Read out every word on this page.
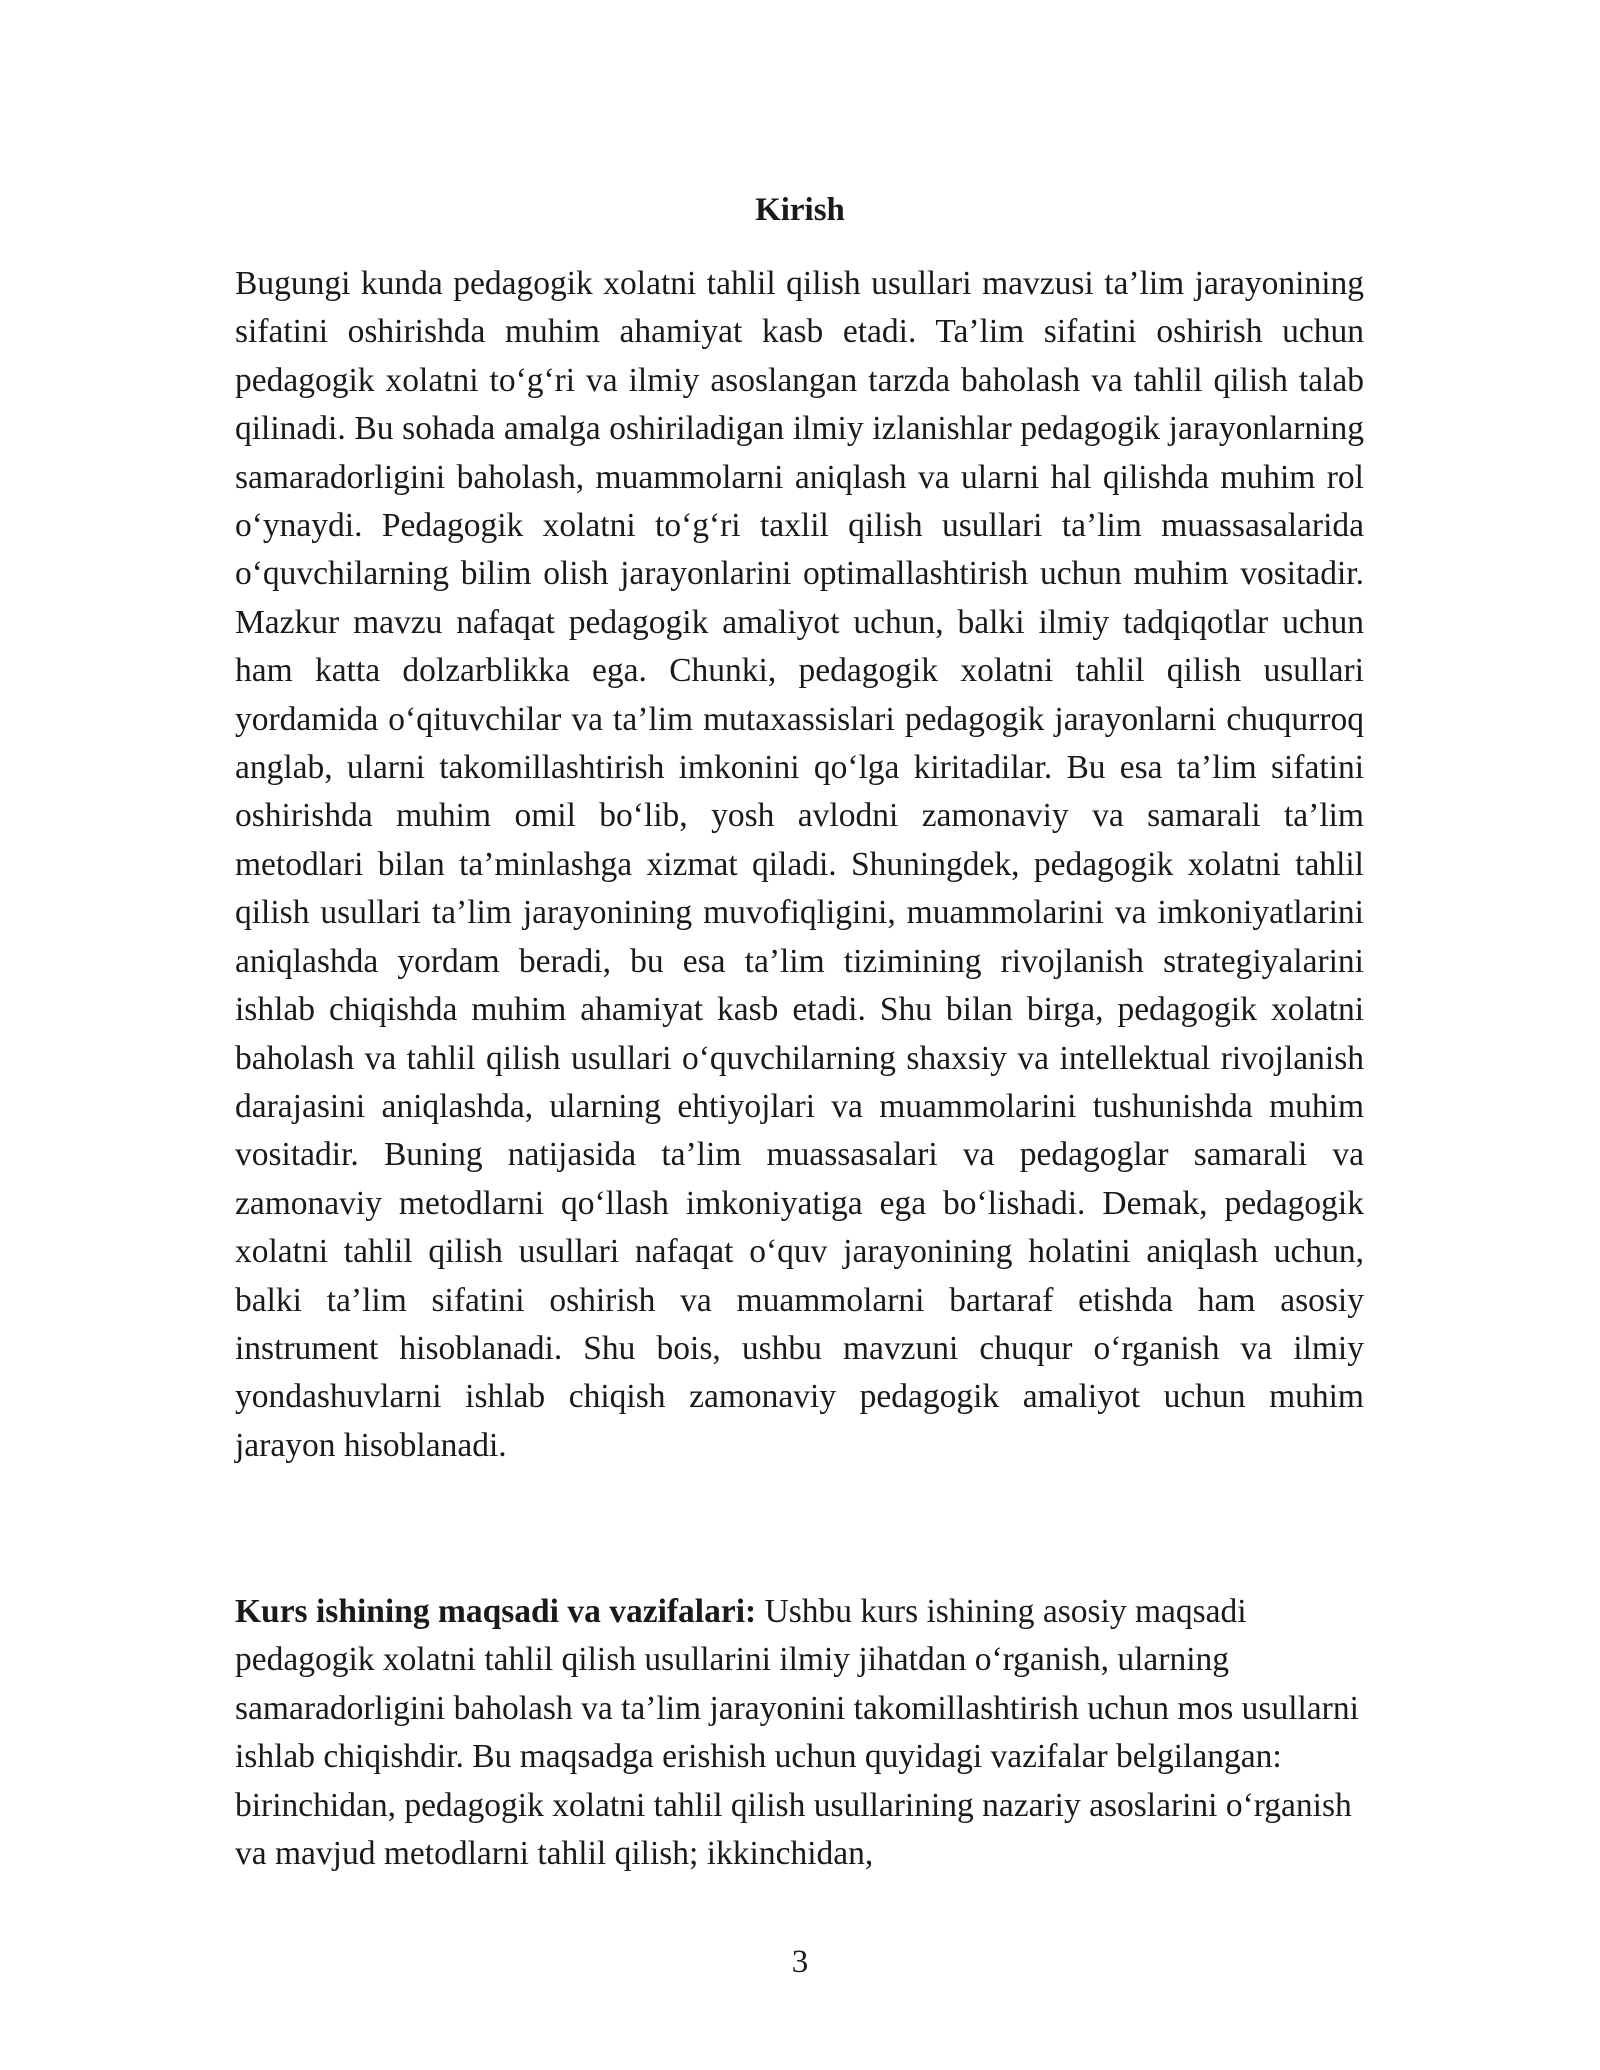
Kirish

Bugungi kunda pedagogik xolatni tahlil qilish usullari mavzusi ta’lim jarayonining sifatini oshirishda muhim ahamiyat kasb etadi. Ta’lim sifatini oshirish uchun pedagogik xolatni to‘g‘ri va ilmiy asoslangan tarzda baholash va tahlil qilish talab qilinadi. Bu sohada amalga oshiriladigan ilmiy izlanishlar pedagogik jarayonlarning samaradorligini baholash, muammolarni aniqlash va ularni hal qilishda muhim rol o‘ynaydi. Pedagogik xolatni to‘g‘ri taxlil qilish usullari ta’lim muassasalarida o‘quvchilarning bilim olish jarayonlarini optimallashtirish uchun muhim vositadir. Mazkur mavzu nafaqat pedagogik amaliyot uchun, balki ilmiy tadqiqotlar uchun ham katta dolzarblikka ega. Chunki, pedagogik xolatni tahlil qilish usullari yordamida o‘qituvchilar va ta’lim mutaxassislari pedagogik jarayonlarni chuqurroq anglab, ularni takomillashtirish imkonini qo‘lga kiritadilar. Bu esa ta’lim sifatini oshirishda muhim omil bo‘lib, yosh avlodni zamonaviy va samarali ta’lim metodlari bilan ta’minlashga xizmat qiladi. Shuningdek, pedagogik xolatni tahlil qilish usullari ta’lim jarayonining muvofiqligini, muammolarini va imkoniyatlarini aniqlashda yordam beradi, bu esa ta’lim tizimining rivojlanish strategiyalarini ishlab chiqishda muhim ahamiyat kasb etadi. Shu bilan birga, pedagogik xolatni baholash va tahlil qilish usullari o‘quvchilarning shaxsiy va intellektual rivojlanish darajasini aniqlashda, ularning ehtiyojlari va muammolarini tushunishda muhim vositadir. Buning natijasida ta’lim muassasalari va pedagoglar samarali va zamonaviy metodlarni qo‘llash imkoniyatiga ega bo‘lishadi. Demak, pedagogik xolatni tahlil qilish usullari nafaqat o‘quv jarayonining holatini aniqlash uchun, balki ta’lim sifatini oshirish va muammolarni bartaraf etishda ham asosiy instrument hisoblanadi. Shu bois, ushbu mavzuni chuqur o‘rganish va ilmiy yondashuvlarni ishlab chiqish zamonaviy pedagogik amaliyot uchun muhim jarayon hisoblanadi.

Kurs ishining maqsadi va vazifalari: Ushbu kurs ishining asosiy maqsadi pedagogik xolatni tahlil qilish usullarini ilmiy jihatdan o‘rganish, ularning samaradorligini baholash va ta’lim jarayonini takomillashtirish uchun mos usullarni ishlab chiqishdir. Bu maqsadga erishish uchun quyidagi vazifalar belgilangan: birinchidan, pedagogik xolatni tahlil qilish usullarining nazariy asoslarini o‘rganish va mavjud metodlarni tahlil qilish; ikkinchidan,

3
